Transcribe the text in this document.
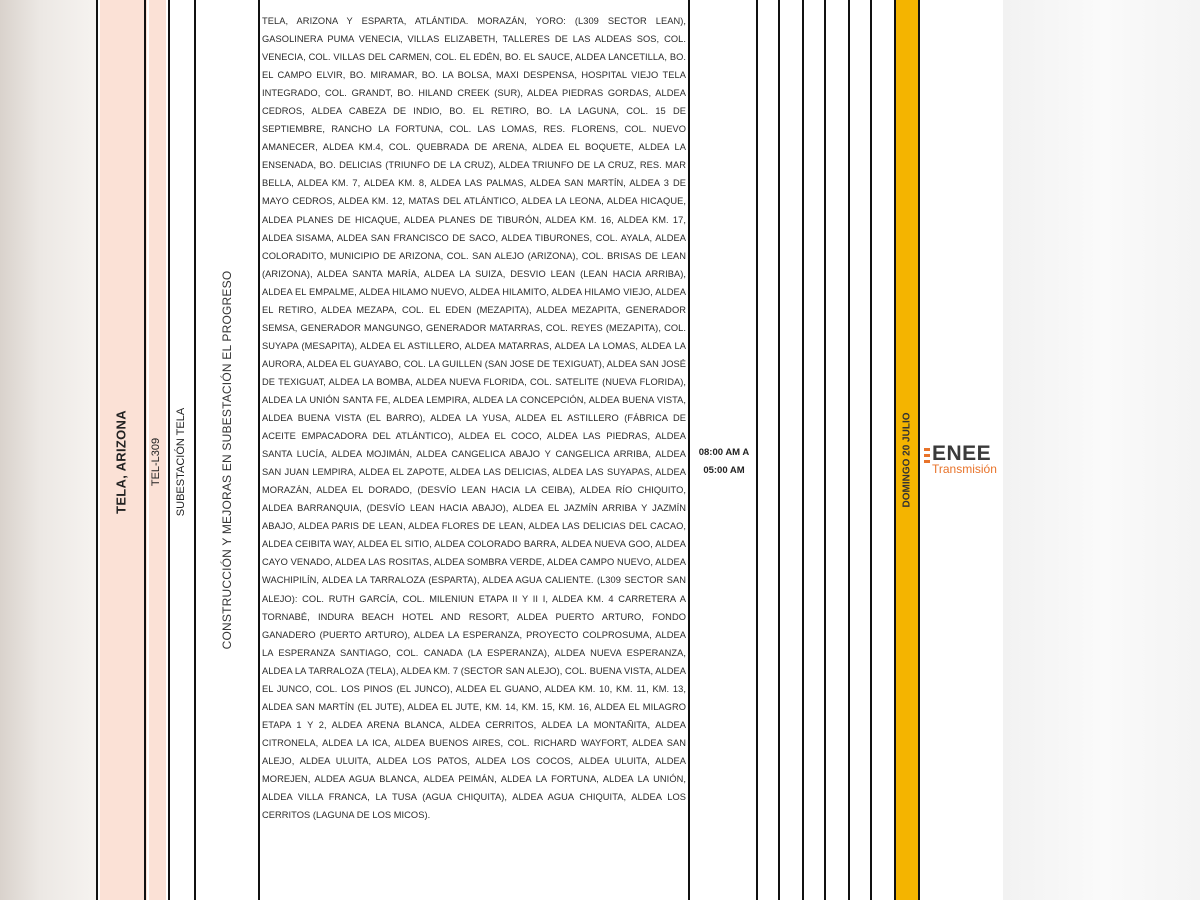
TELA, ARIZONA TEL-L309 SUBESTACIÓN TELA	CONSTRUCCIÓN Y MEJORAS EN SUBESTACIÓN EL PROGRESO
TELA, ARIZONA Y ESPARTA, ATLÁNTIDA. MORAZÁN, YORO: (L309 SECTOR LEAN), GASOLINERA PUMA VENECIA, VILLAS ELIZABETH, TALLERES DE LAS ALDEAS SOS, COL. VENECIA, COL. VILLAS DEL CARMEN, COL. EL EDÉN, BO. EL SAUCE, ALDEA LANCETILLA, BO. EL CAMPO ELVIR, BO. MIRAMAR, BO. LA BOLSA, MAXI DESPENSA, HOSPITAL VIEJO TELA INTEGRADO, COL. GRANDT, BO. HILAND CREEK (SUR), ALDEA PIEDRAS GORDAS, ALDEA CEDROS, ALDEA CABEZA DE INDIO, BO. EL RETIRO, BO. LA LAGUNA, COL. 15 DE SEPTIEMBRE, RANCHO LA FORTUNA, COL. LAS LOMAS, RES. FLORENS, COL. NUEVO AMANECER, ALDEA KM.4, COL. QUEBRADA DE ARENA, ALDEA EL BOQUETE, ALDEA LA ENSENADA, BO. DELICIAS (TRIUNFO DE LA CRUZ), ALDEA TRIUNFO DE LA CRUZ, RES. MAR BELLA, ALDEA KM. 7, ALDEA KM. 8, ALDEA LAS PALMAS, ALDEA SAN MARTÍN, ALDEA 3 DE MAYO CEDROS, ALDEA KM. 12, MATAS DEL ATLÁNTICO, ALDEA LA LEONA, ALDEA HICAQUE, ALDEA PLANES DE HICAQUE, ALDEA PLANES DE TIBURÓN, ALDEA KM. 16, ALDEA KM. 17, ALDEA SISAMA, ALDEA SAN FRANCISCO DE SACO, ALDEA TIBURONES, COL. AYALA, ALDEA COLORADITO, MUNICIPIO DE ARIZONA, COL. SAN ALEJO (ARIZONA), COL. BRISAS DE LEAN (ARIZONA), ALDEA SANTA MARÍA, ALDEA LA SUIZA, DESVIO LEAN (LEAN HACIA ARRIBA), ALDEA EL EMPALME, ALDEA HILAMO NUEVO, ALDEA HILAMITO, ALDEA HILAMO VIEJO, ALDEA EL RETIRO, ALDEA MEZAPA, COL. EL EDEN (MEZAPITA), ALDEA MEZAPITA, GENERADOR SEMSA, GENERADOR MANGUNGO, GENERADOR MATARRAS, COL. REYES (MEZAPITA), COL. SUYAPA (MESAPITA), ALDEA EL ASTILLERO, ALDEA MATARRAS, ALDEA LA LOMAS, ALDEA LA AURORA, ALDEA EL GUAYABO, COL. LA GUILLEN (SAN JOSE DE TEXIGUAT), ALDEA SAN JOSÉ DE TEXIGUAT, ALDEA LA BOMBA, ALDEA NUEVA FLORIDA, COL. SATELITE (NUEVA FLORIDA), ALDEA LA UNIÓN SANTA FE, ALDEA LEMPIRA, ALDEA LA CONCEPCIÓN, ALDEA BUENA VISTA, ALDEA BUENA VISTA (EL BARRO), ALDEA LA YUSA, ALDEA EL ASTILLERO (FÁBRICA DE ACEITE EMPACADORA DEL ATLÁNTICO), ALDEA EL COCO, ALDEA LAS PIEDRAS, ALDEA SANTA LUCÍA, ALDEA MOJIMÁN, ALDEA CANGELICA ABAJO Y CANGELICA ARRIBA, ALDEA SAN JUAN LEMPIRA, ALDEA EL ZAPOTE, ALDEA LAS DELICIAS, ALDEA LAS SUYAPAS, ALDEA MORAZÁN, ALDEA EL DORADO, (DESVÍO LEAN HACIA LA CEIBA), ALDEA RÍO CHIQUITO, ALDEA BARRANQUIA, (DESVÍO LEAN HACIA ABAJO), ALDEA EL JAZMÍN ARRIBA Y JAZMÍN ABAJO, ALDEA PARIS DE LEAN, ALDEA FLORES DE LEAN, ALDEA LAS DELICIAS DEL CACAO, ALDEA CEIBITA WAY, ALDEA EL SITIO, ALDEA COLORADO BARRA, ALDEA NUEVA GOO, ALDEA CAYO VENADO, ALDEA LAS ROSITAS, ALDEA SOMBRA VERDE, ALDEA CAMPO NUEVO, ALDEA WACHIPILÍN, ALDEA LA TARRALOZA (ESPARTA), ALDEA AGUA CALIENTE. (L309 SECTOR SAN ALEJO): COL. RUTH GARCÍA, COL. MILENIUN ETAPA II Y II I, ALDEA KM. 4 CARRETERA A TORNABÉ, INDURA BEACH HOTEL AND RESORT, ALDEA PUERTO ARTURO, FONDO GANADERO (PUERTO ARTURO), ALDEA LA ESPERANZA, PROYECTO COLPROSUMA, ALDEA LA ESPERANZA SANTIAGO, COL. CANADA (LA ESPERANZA), ALDEA NUEVA ESPERANZA, ALDEA LA TARRALOZA (TELA), ALDEA KM. 7 (SECTOR SAN ALEJO), COL. BUENA VISTA, ALDEA EL JUNCO, COL. LOS PINOS (EL JUNCO), ALDEA EL GUANO, ALDEA KM. 10, KM. 11, KM. 13, ALDEA SAN MARTÍN (EL JUTE), ALDEA EL JUTE, KM. 14, KM. 15, KM. 16, ALDEA EL MILAGRO ETAPA 1 Y 2, ALDEA ARENA BLANCA, ALDEA CERRITOS, ALDEA LA MONTAÑITA, ALDEA CITRONELA, ALDEA LA ICA, ALDEA BUENOS AIRES, COL. RICHARD WAYFORT, ALDEA SAN ALEJO, ALDEA ULUITA, ALDEA LOS PATOS, ALDEA LOS COCOS, ALDEA ULUITA, ALDEA MOREJEN, ALDEA AGUA BLANCA, ALDEA PEIMÁN, ALDEA LA FORTUNA, ALDEA LA UNIÓN, ALDEA VILLA FRANCA, LA TUSA (AGUA CHIQUITA), ALDEA AGUA CHIQUITA, ALDEA LOS CERRITOS (LAGUNA DE LOS MICOS).
08:00 AM A
05:00 AM	DOMINGO 20 JULIO ENEE
Transmisión
